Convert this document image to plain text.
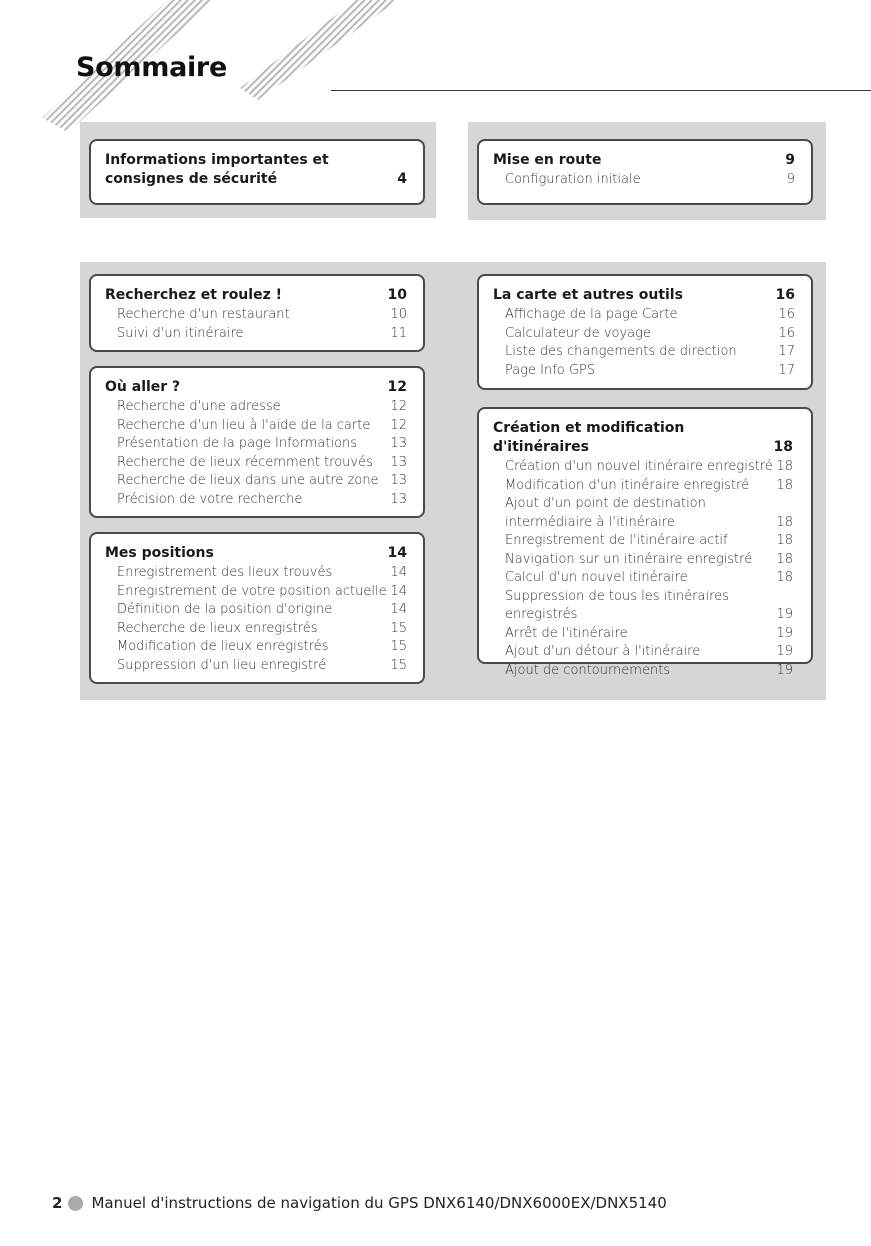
Sommaire
Informations importantes et
consignes de sécurité	4
Mise en route	9
Configuration initiale	9
Recherchez et roulez !	10
Recherche d'un restaurant	10
Suivi d'un itinéraire	11
Où aller ?	12
Recherche d'une adresse	12
Recherche d'un lieu à l'aide de la carte 12
Présentation de la page Informations	13
Recherche de lieux récemment trouvés 13
Recherche de lieux dans une autre zone 13
Précision de votre recherche	13
Mes positions	14
Enregistrement des lieux trouvés	14
Enregistrement de votre position actuelle 14
Définition de la position d'origine	14
Recherche de lieux enregistrés	15
Modification de lieux enregistrés	15
Suppression d'un lieu enregistré	15
La carte et autres outils	16
Affichage de la page Carte	16
Calculateur de voyage	16
Liste des changements de direction	17
Page Info GPS	17
Création et modification d'itinéraires	18
Création d'un nouvel itinéraire enregistré 18
Modification d'un itinéraire enregistré 18
Ajout d'un point de destination
intermédiaire à l’itinéraire	18
Enregistrement de l'itinéraire actif	18
Navigation sur un itinéraire enregistré 18
Calcul d'un nouvel itinéraire	18
Suppression de tous les itinéraires
enregistrés	19
Arrêt de l'itinéraire	19
Ajout d'un détour à l'itinéraire	19
Ajout de contournements	19
2 Manuel d'instructions de navigation du GPS DNX6140/DNX6000EX/DNX5140
